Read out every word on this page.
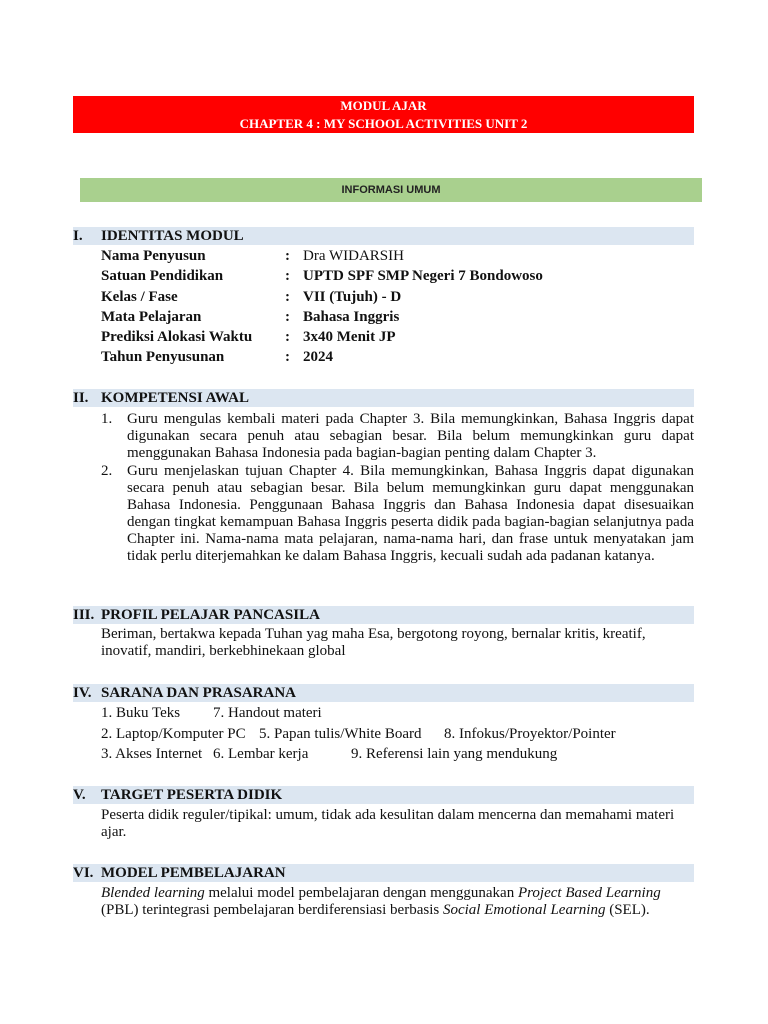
MODUL AJAR
CHAPTER 4 : MY SCHOOL ACTIVITIES UNIT 2
INFORMASI UMUM
I. IDENTITAS MODUL
Nama Penyusun	: Dra WIDARSIH
Satuan Pendidikan	: UPTD SPF SMP Negeri 7 Bondowoso
Kelas / Fase	: VII (Tujuh) - D
Mata Pelajaran	: Bahasa Inggris
Prediksi Alokasi Waktu : 3x40 Menit JP
Tahun Penyusunan	: 2024
II. KOMPETENSI AWAL
1. Guru mengulas kembali materi pada Chapter 3. Bila memungkinkan, Bahasa Inggris dapat digunakan secara penuh atau sebagian besar. Bila belum memungkinkan guru dapat menggunakan Bahasa Indonesia pada bagian-bagian penting dalam Chapter 3.
2. Guru menjelaskan tujuan Chapter 4. Bila memungkinkan, Bahasa Inggris dapat digunakan secara penuh atau sebagian besar. Bila belum memungkinkan guru dapat menggunakan Bahasa Indonesia. Penggunaan Bahasa Inggris dan Bahasa Indonesia dapat disesuaikan dengan tingkat kemampuan Bahasa Inggris peserta didik pada bagian-bagian selanjutnya pada Chapter ini. Nama-nama mata pelajaran, nama-nama hari, dan frase untuk menyatakan jam tidak perlu diterjemahkan ke dalam Bahasa Inggris, kecuali sudah ada padanan katanya.
III. PROFIL PELAJAR PANCASILA
Beriman, bertakwa kepada Tuhan yag maha Esa, bergotong royong, bernalar kritis, kreatif, inovatif, mandiri, berkebhinekaan global
IV. SARANA DAN PRASARANA
1. Buku Teks 7. Handout materi
2. Laptop/Komputer PC 5. Papan tulis/White Board 8. Infokus/Proyektor/Pointer
3. Akses Internet 6. Lembar kerja	9. Referensi lain yang mendukung
V. TARGET PESERTA DIDIK
Peserta didik reguler/tipikal: umum, tidak ada kesulitan dalam mencerna dan memahami materi ajar.
VI. MODEL PEMBELAJARAN
Blended learning melalui model pembelajaran dengan menggunakan Project Based Learning (PBL) terintegrasi pembelajaran berdiferensiasi berbasis Social Emotional Learning (SEL).
